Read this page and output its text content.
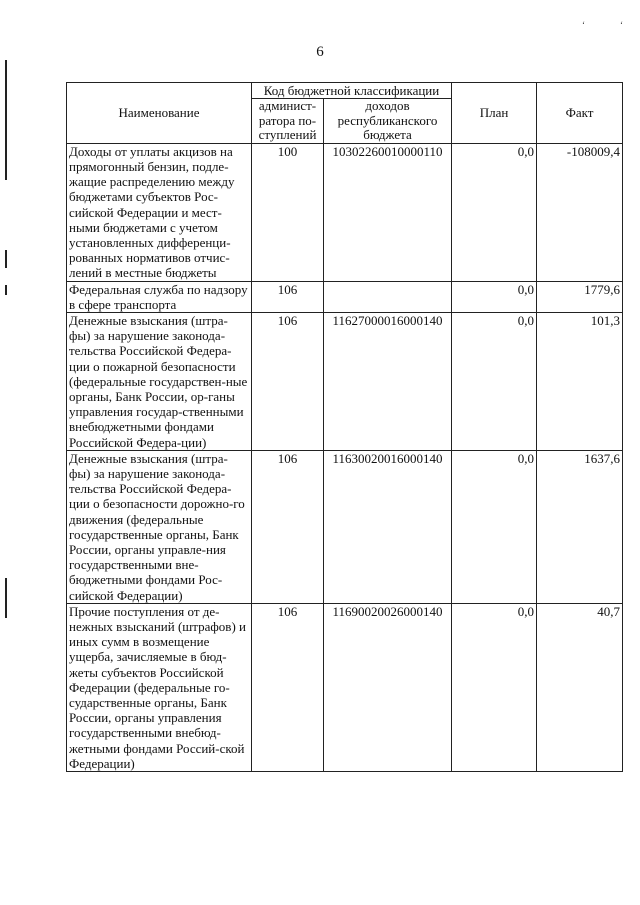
ʻ	ʻ
6
Наименование	Код бюджетной классификации		План	Факт
	админист-ратора по-ступлений	доходов республиканского бюджета		
Доходы от уплаты акцизов на прямогонный бензин, подле-жащие распределению между бюджетами субъектов Рос-сийской Федерации и мест-ными бюджетами с учетом установленных дифференци-рованных нормативов отчис-лений в местные бюджеты	100	10302260010000110	0,0	-108009,4
Федеральная служба по надзору в сфере транспорта	106		0,0	1779,6
Денежные взыскания (штра-фы) за нарушение законода-тельства Российской Федера-ции о пожарной безопасности (федеральные государствен-ные органы, Банк России, ор-ганы управления государ-ственными внебюджетными фондами Российской Федера-ции)	106	11627000016000140	0,0	101,3
Денежные взыскания (штра-фы) за нарушение законода-тельства Российской Федера-ции о безопасности дорожно-го движения (федеральные государственные органы, Банк России, органы управле-ния государственными вне-бюджетными фондами Рос-сийской Федерации)	106	11630020016000140	0,0	1637,6
Прочие поступления от де-нежных взысканий (штрафов) и иных сумм в возмещение ущерба, зачисляемые в бюд-жеты субъектов Российской Федерации (федеральные го-сударственные органы, Банк России, органы управления государственными внебюд-жетными фондами Россий-ской Федерации)	106	11690020026000140	0,0	40,7
